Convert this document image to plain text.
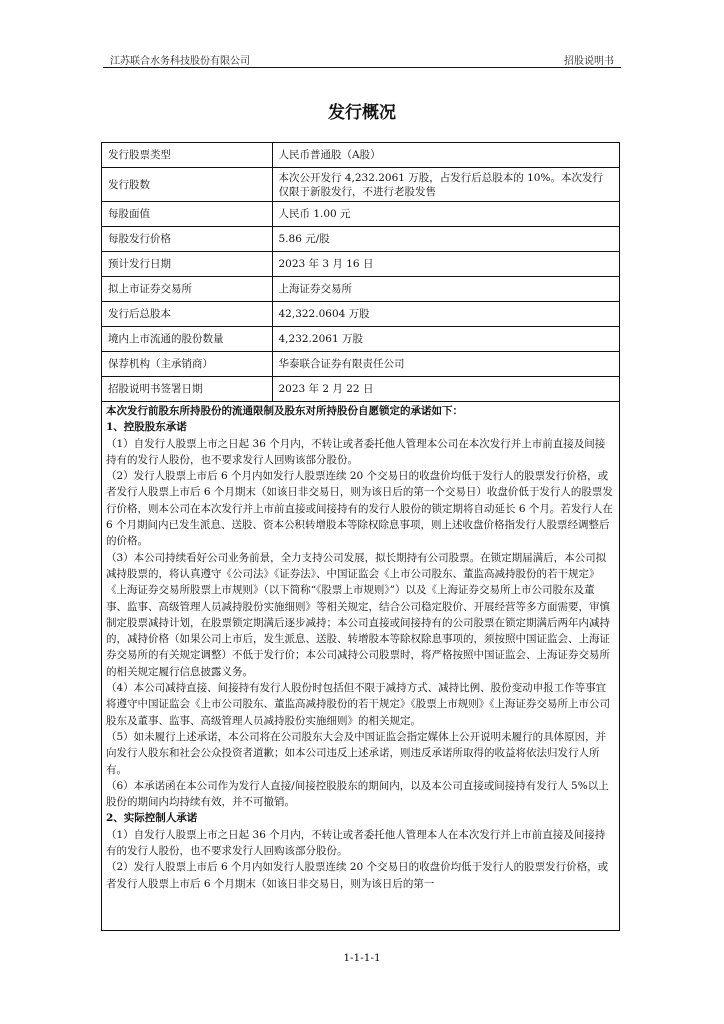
江苏联合水务科技股份有限公司	招股说明书
发行概况
发行股票类型	人民币普通股（A股）
发行股数	本次公开发行 4,232.2061 万股，占发行后总股本的 10%。本次发行仅限于新股发行，不进行老股发售
每股面值	人民币 1.00 元
每股发行价格	5.86 元/股
预计发行日期	2023 年 3 月 16 日
拟上市证券交易所	上海证券交易所
发行后总股本	42,322.0604 万股
境内上市流通的股份数量	4,232.2061 万股
保荐机构（主承销商）	华泰联合证券有限责任公司
招股说明书签署日期	2023 年 2 月 22 日

本次发行前股东所持股份的流通限制及股东对所持股份自愿锁定的承诺如下：

1、控股股东承诺

（1）自发行人股票上市之日起 36 个月内，不转让或者委托他人管理本公司在本次发行并上市前直接及间接持有的发行人股份，也不要求发行人回购该部分股份。

（2）发行人股票上市后 6 个月内如发行人股票连续 20 个交易日的收盘价均低于发行人的股票发行价格，或者发行人股票上市后 6 个月期末（如该日非交易日，则为该日后的第一个交易日）收盘价低于发行人的股票发行价格，则本公司在本次发行并上市前直接或间接持有的发行人股份的锁定期将自动延长 6 个月。若发行人在 6 个月期间内已发生派息、送股、资本公积转增股本等除权除息事项，则上述收盘价格指发行人股票经调整后的价格。

（3）本公司持续看好公司业务前景，全力支持公司发展，拟长期持有公司股票。在锁定期届满后，本公司拟减持股票的，将认真遵守《公司法》《证券法》、中国证监会《上市公司股东、董监高减持股份的若干规定》《上海证券交易所股票上市规则》（以下简称“《股票上市规则》”）以及《上海证券交易所上市公司股东及董事、监事、高级管理人员减持股份实施细则》等相关规定，结合公司稳定股价、开展经营等多方面需要，审慎制定股票减持计划，在股票锁定期满后逐步减持；本公司直接或间接持有的公司股票在锁定期满后两年内减持的，减持价格（如果公司上市后，发生派息、送股、转增股本等除权除息事项的，须按照中国证监会、上海证券交易所的有关规定调整）不低于发行价；本公司减持公司股票时，将严格按照中国证监会、上海证券交易所的相关规定履行信息披露义务。

（4）本公司减持直接、间接持有发行人股份时包括但不限于减持方式、减持比例、股份变动申报工作等事宜将遵守中国证监会《上市公司股东、董监高减持股份的若干规定》《股票上市规则》《上海证券交易所上市公司股东及董事、监事、高级管理人员减持股份实施细则》的相关规定。

（5）如未履行上述承诺，本公司将在公司股东大会及中国证监会指定媒体上公开说明未履行的具体原因，并向发行人股东和社会公众投资者道歉；如本公司违反上述承诺，则违反承诺所取得的收益将依法归发行人所有。

（6）本承诺函在本公司作为发行人直接/间接控股股东的期间内，以及本公司直接或间接持有发行人 5%以上股份的期间内均持续有效，并不可撤销。

2、实际控制人承诺

（1）自发行人股票上市之日起 36 个月内，不转让或者委托他人管理本人在本次发行并上市前直接及间接持有的发行人股份，也不要求发行人回购该部分股份。

（2）发行人股票上市后 6 个月内如发行人股票连续 20 个交易日的收盘价均低于发行人的股票发行价格，或者发行人股票上市后 6 个月期末（如该日非交易日，则为该日后的第一

1-1-1-1
